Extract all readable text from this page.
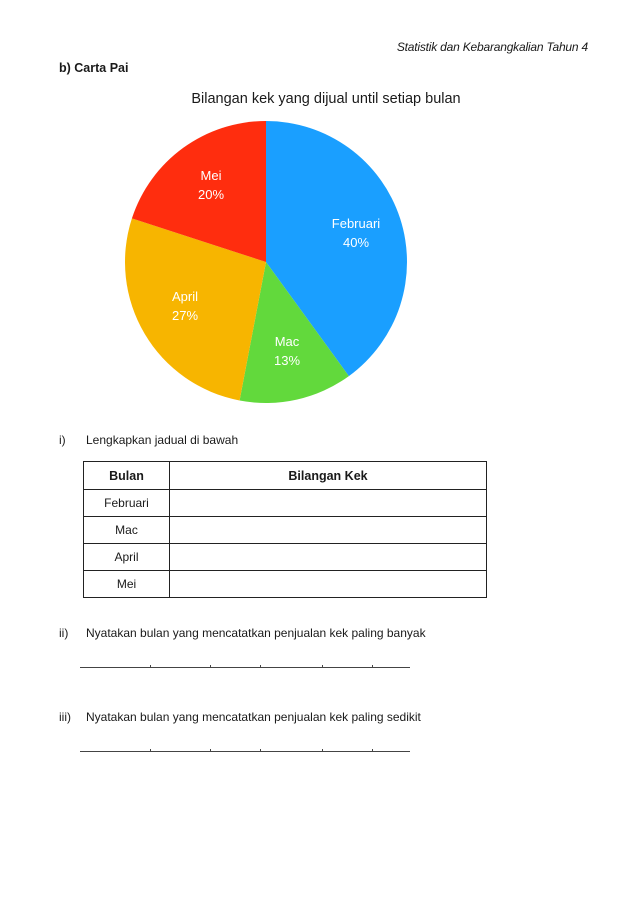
Statistik dan Kebarangkalian Tahun 4
b) Carta Pai
Bilangan kek yang dijual until setiap bulan
Februari
40%
Mac
13%
April
27%
Mei
20%
i) Lengkapkan jadual di bawah
Bulan	Bilangan Kek
Februari	
Mac	
April	
Mei	
ii) Nyatakan bulan yang mencatatkan penjualan kek paling banyak
iii) Nyatakan bulan yang mencatatkan penjualan kek paling sedikit
